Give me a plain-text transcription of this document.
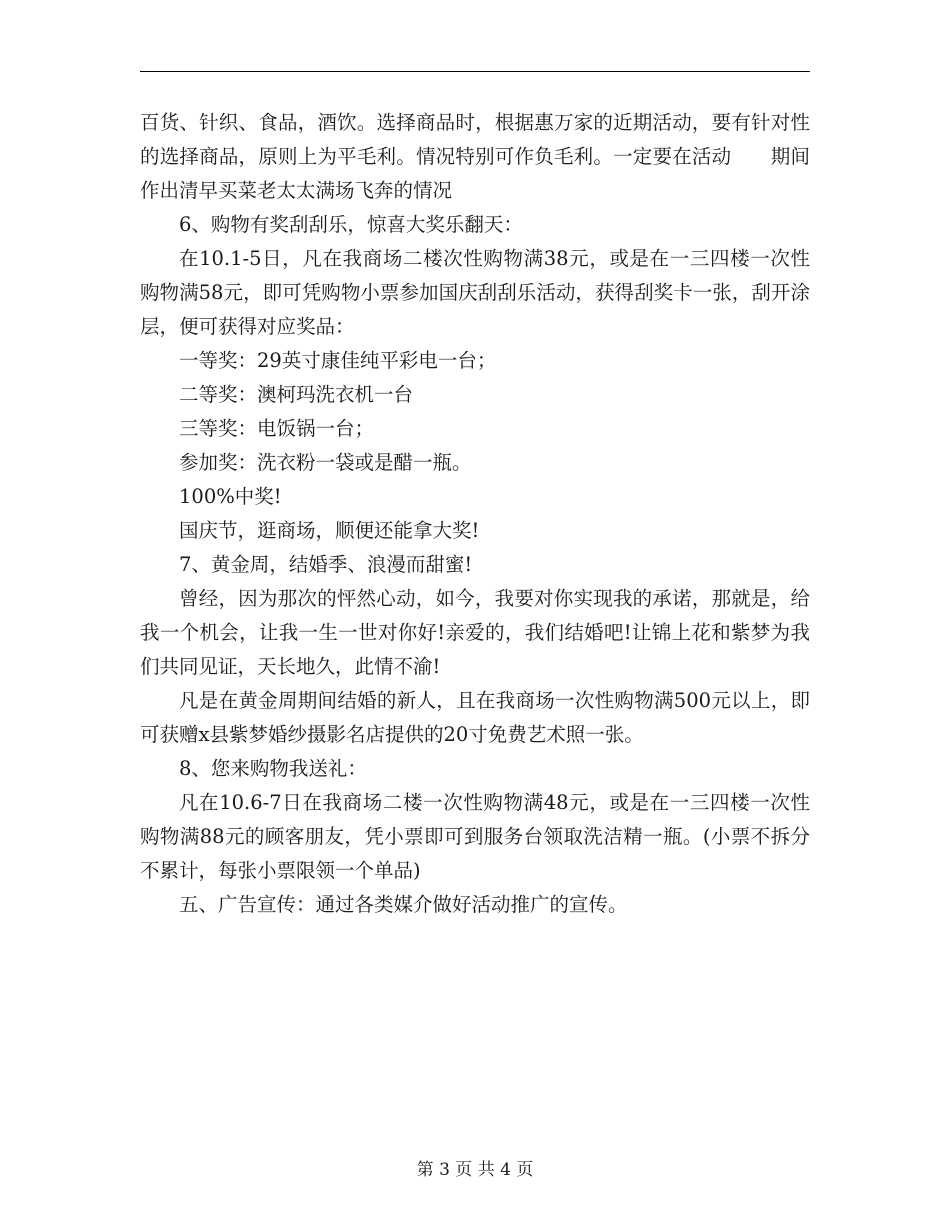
百货、针织、食品，酒饮。选择商品时，根据惠万家的近期活动，要有针对性的选择商品，原则上为平毛利。情况特别可作负毛利。一定要在活动　　期间作出清早买菜老太太满场飞奔的情况

6、购物有奖刮刮乐，惊喜大奖乐翻天：

在10.1-5日，凡在我商场二楼次性购物满38元，或是在一三四楼一次性购物满58元，即可凭购物小票参加国庆刮刮乐活动，获得刮奖卡一张，刮开涂层，便可获得对应奖品：

一等奖：29英寸康佳纯平彩电一台；

二等奖：澳柯玛洗衣机一台

三等奖：电饭锅一台；

参加奖：洗衣粉一袋或是醋一瓶。

100%中奖!

国庆节，逛商场，顺便还能拿大奖!

7、黄金周，结婚季、浪漫而甜蜜!

曾经，因为那次的怦然心动，如今，我要对你实现我的承诺，那就是，给我一个机会，让我一生一世对你好!亲爱的，我们结婚吧!让锦上花和紫梦为我们共同见证，天长地久，此情不渝!

凡是在黄金周期间结婚的新人，且在我商场一次性购物满500元以上，即可获赠x县紫梦婚纱摄影名店提供的20寸免费艺术照一张。

8、您来购物我送礼：

凡在10.6-7日在我商场二楼一次性购物满48元，或是在一三四楼一次性购物满88元的顾客朋友，凭小票即可到服务台领取洗洁精一瓶。(小票不拆分不累计，每张小票限领一个单品)

五、广告宣传：通过各类媒介做好活动推广的宣传。

第 3 页 共 4 页
